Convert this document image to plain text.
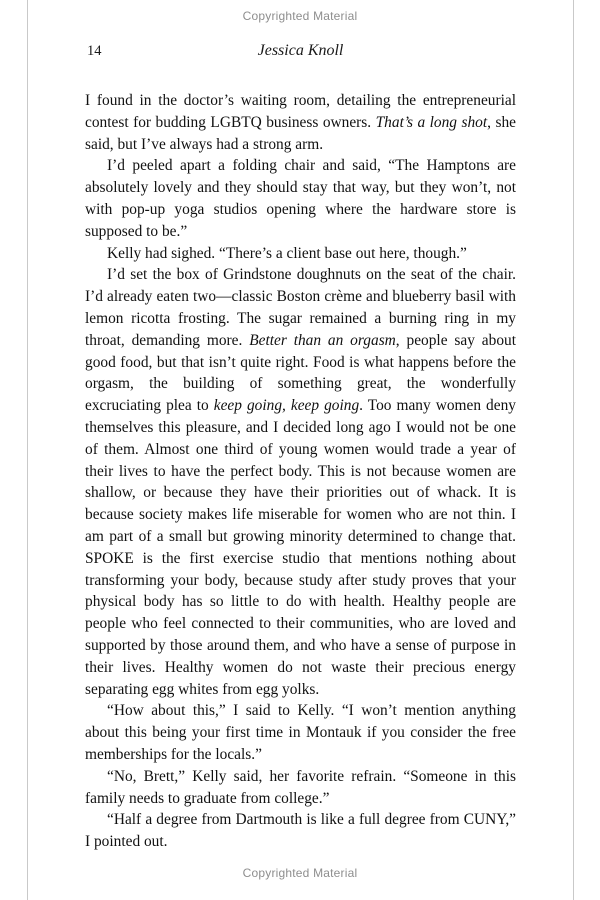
Copyrighted Material
14	Jessica Knoll

I found in the doctor’s waiting room, detailing the entrepreneurial contest for budding LGBTQ business owners. That’s a long shot, she said, but I’ve always had a strong arm.

I’d peeled apart a folding chair and said, “The Hamptons are absolutely lovely and they should stay that way, but they won’t, not with pop-up yoga studios opening where the hardware store is supposed to be.”

Kelly had sighed. “There’s a client base out here, though.”

I’d set the box of Grindstone doughnuts on the seat of the chair. I’d already eaten two—classic Boston crème and blueberry basil with lemon ricotta frosting. The sugar remained a burning ring in my throat, demanding more. Better than an orgasm, people say about good food, but that isn’t quite right. Food is what happens before the orgasm, the building of something great, the wonderfully excruciating plea to keep going, keep going. Too many women deny themselves this pleasure, and I decided long ago I would not be one of them. Almost one third of young women would trade a year of their lives to have the perfect body. This is not because women are shallow, or because they have their priorities out of whack. It is because society makes life miserable for women who are not thin. I am part of a small but growing minority determined to change that. SPOKE is the first exercise studio that mentions nothing about transforming your body, because study after study proves that your physical body has so little to do with health. Healthy people are people who feel connected to their communities, who are loved and supported by those around them, and who have a sense of purpose in their lives. Healthy women do not waste their precious energy separating egg whites from egg yolks.

“How about this,” I said to Kelly. “I won’t mention anything about this being your first time in Montauk if you consider the free memberships for the locals.”

“No, Brett,” Kelly said, her favorite refrain. “Someone in this family needs to graduate from college.”

“Half a degree from Dartmouth is like a full degree from CUNY,” I pointed out.

Copyrighted Material
